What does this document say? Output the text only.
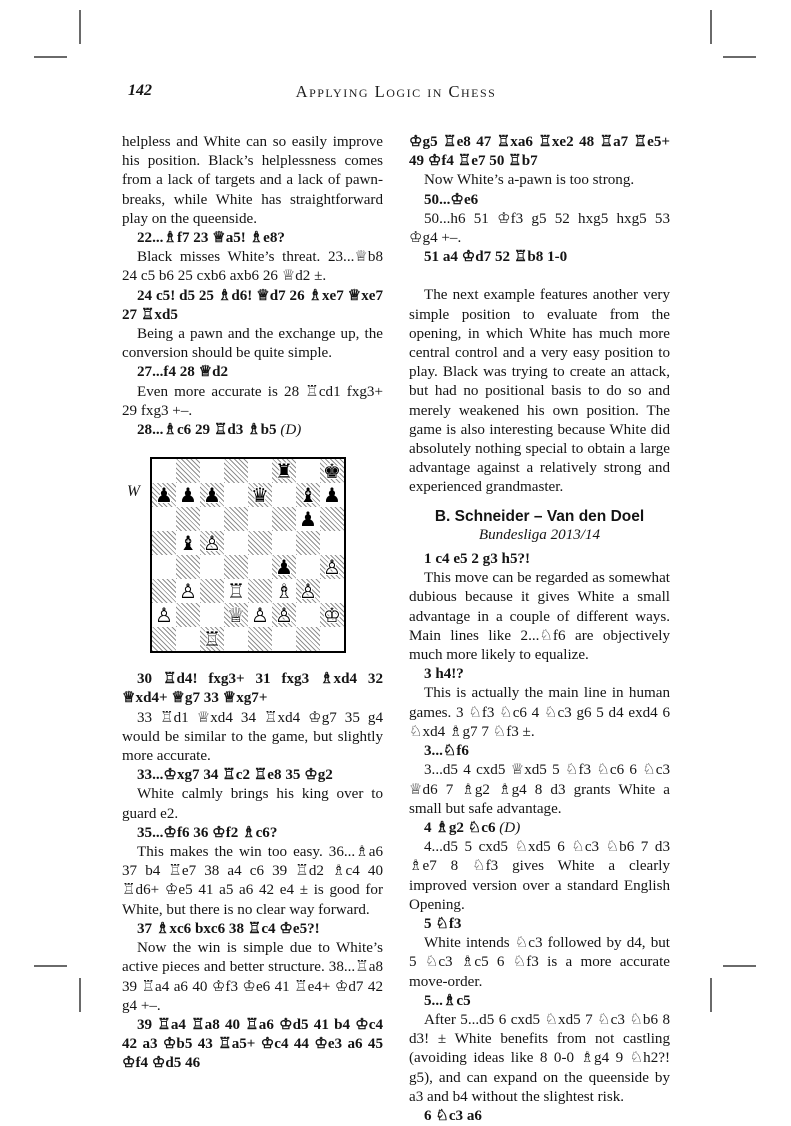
142	Applying Logic in Chess

helpless and White can so easily improve his position. Black’s helplessness comes from a lack of targets and a lack of pawn-breaks, while White has straightforward play on the queenside.

22...♗f7 23 ♕a5! ♗e8?

Black misses White’s threat. 23...♕b8 24 c5 b6 25 cxb6 axb6 26 ♕d2 ±.

24 c5! d5 25 ♗d6! ♕d7 26 ♗xe7 ♕xe7 27 ♖xd5

Being a pawn and the exchange up, the conversion should be quite simple.

27...f4 28 ♕d2

Even more accurate is 28 ♖cd1 fxg3+ 29 fxg3 +–.

28...♗c6 29 ♖d3 ♗b5 (D)

W
					♜		♚
♟	♟	♟		♛		♝	♟
						♟	
	♝	♙					
					♟		♙
	♙		♖		♗	♙	
♙			♕	♙	♙		♔
		♖					

30 ♖d4! fxg3+ 31 fxg3 ♗xd4 32 ♕xd4+ ♕g7 33 ♕xg7+

33 ♖d1 ♕xd4 34 ♖xd4 ♔g7 35 g4 would be similar to the game, but slightly more accurate.

33...♔xg7 34 ♖c2 ♖e8 35 ♔g2

White calmly brings his king over to guard e2.

35...♔f6 36 ♔f2 ♗c6?

This makes the win too easy. 36...♗a6 37 b4 ♖e7 38 a4 c6 39 ♖d2 ♗c4 40 ♖d6+ ♔e5 41 a5 a6 42 e4 ± is good for White, but there is no clear way forward.

37 ♗xc6 bxc6 38 ♖c4 ♔e5?!

Now the win is simple due to White’s active pieces and better structure. 38...♖a8 39 ♖a4 a6 40 ♔f3 ♔e6 41 ♖e4+ ♔d7 42 g4 +–.

39 ♖a4 ♖a8 40 ♖a6 ♔d5 41 b4 ♔c4 42 a3 ♔b5 43 ♖a5+ ♔c4 44 ♔e3 a6 45 ♔f4 ♔d5 46

♔g5 ♖e8 47 ♖xa6 ♖xe2 48 ♖a7 ♖e5+ 49 ♔f4 ♖e7 50 ♖b7

Now White’s a-pawn is too strong.

50...♔e6

50...h6 51 ♔f3 g5 52 hxg5 hxg5 53 ♔g4 +–.

51 a4 ♔d7 52 ♖b8 1-0

The next example features another very simple position to evaluate from the opening, in which White has much more central control and a very easy position to play. Black was trying to create an attack, but had no positional basis to do so and merely weakened his own position. The game is also interesting because White did absolutely nothing special to obtain a large advantage against a relatively strong and experienced grandmaster.

B. Schneider – Van den Doel

Bundesliga 2013/14

1 c4 e5 2 g3 h5?!

This move can be regarded as somewhat dubious because it gives White a small advantage in a couple of different ways. Main lines like 2...♘f6 are objectively much more likely to equalize.

3 h4!?

This is actually the main line in human games. 3 ♘f3 ♘c6 4 ♘c3 g6 5 d4 exd4 6 ♘xd4 ♗g7 7 ♘f3 ±.

3...♘f6

3...d5 4 cxd5 ♕xd5 5 ♘f3 ♘c6 6 ♘c3 ♕d6 7 ♗g2 ♗g4 8 d3 grants White a small but safe advantage.

4 ♗g2 ♘c6 (D)

4...d5 5 cxd5 ♘xd5 6 ♘c3 ♘b6 7 d3 ♗e7 8 ♘f3 gives White a clearly improved version over a standard English Opening.

5 ♘f3

White intends ♘c3 followed by d4, but 5 ♘c3 ♗c5 6 ♘f3 is a more accurate move-order.

5...♗c5

After 5...d5 6 cxd5 ♘xd5 7 ♘c3 ♘b6 8 d3! ± White benefits from not castling (avoiding ideas like 8 0-0 ♗g4 9 ♘h2?! g5), and can expand on the queenside by a3 and b4 without the slightest risk.

6 ♘c3 a6
